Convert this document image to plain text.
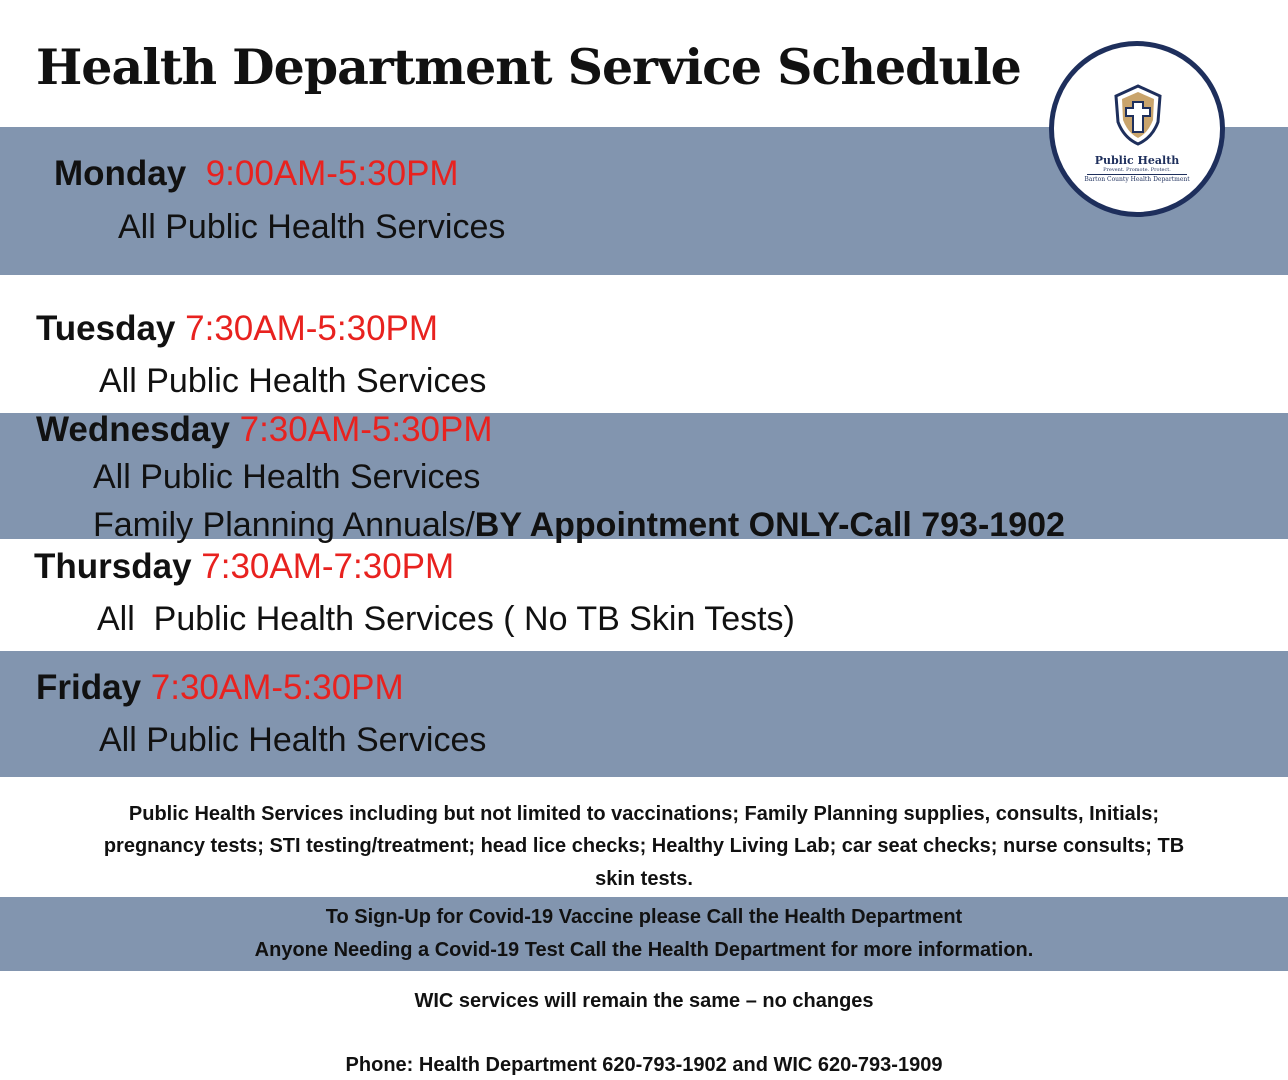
Health Department Service Schedule
Public Health
Prevent. Promote. Protect.
Barton County Health Department
Monday 9:00AM-5:30PM
All Public Health Services
Tuesday 7:30AM-5:30PM
All Public Health Services
Wednesday 7:30AM-5:30PM
All Public Health Services
Family Planning Annuals/BY Appointment ONLY-Call 793-1902
Thursday 7:30AM-7:30PM
All  Public Health Services ( No TB Skin Tests)
Friday 7:30AM-5:30PM
All Public Health Services
Public Health Services including but not limited to vaccinations; Family Planning supplies, consults, Initials;
pregnancy tests; STI testing/treatment; head lice checks; Healthy Living Lab; car seat checks; nurse consults; TB
skin tests.
To Sign-Up for Covid-19 Vaccine please Call the Health Department
Anyone Needing a Covid-19 Test Call the Health Department for more information.
WIC services will remain the same – no changes
Phone: Health Department 620-793-1902 and WIC 620-793-1909
